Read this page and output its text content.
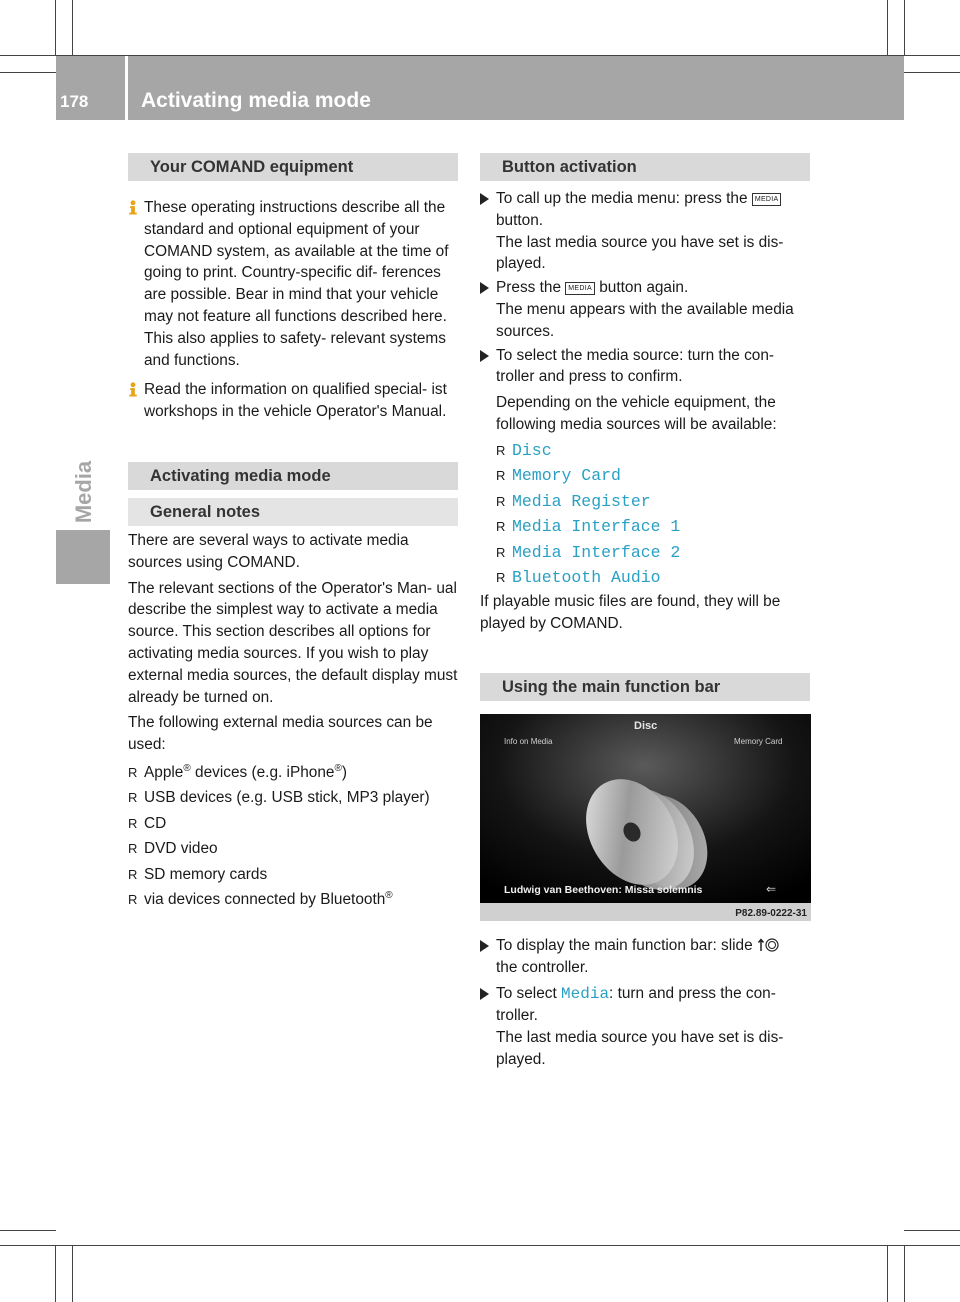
178	Activating media mode
Media
Your COMAND equipment

These operating instructions describe all the standard and optional equipment of your COMAND system, as available at the time of going to print. Country-specific dif- ferences are possible. Bear in mind that your vehicle may not feature all functions described here. This also applies to safety- relevant systems and functions.

Read the information on qualified special- ist workshops in the vehicle Operator's Manual.

Activating media mode
General notes

There are several ways to activate media sources using COMAND.

The relevant sections of the Operator's Man- ual describe the simplest way to activate a media source. This section describes all options for activating media sources. If you wish to play external media sources, the default display must already be turned on.

The following external media sources can be used:

R Apple® devices (e.g. iPhone®)
R USB devices (e.g. USB stick, MP3 player)
R CD
R DVD video
R SD memory cards
R via devices connected by Bluetooth®
Button activation
To call up the media menu: press the MEDIA button.
The last media source you have set is dis- played.
Press the MEDIA button again.
The menu appears with the available media sources.
To select the media source: turn the con- troller and press to confirm.
Depending on the vehicle equipment, the following media sources will be available:
R Disc
R Memory Card
R Media Register
R Media Interface 1
R Media Interface 2
R Bluetooth Audio

If playable music files are found, they will be played by COMAND.

Using the main function bar
Disc
Info on Media	Memory Card
Ludwig van Beethoven: Missa solemnis	⇐
P82.89-0222-31
To display the main function bar: slide
the controller.
To select Media: turn and press the con- troller.
The last media source you have set is dis- played.
